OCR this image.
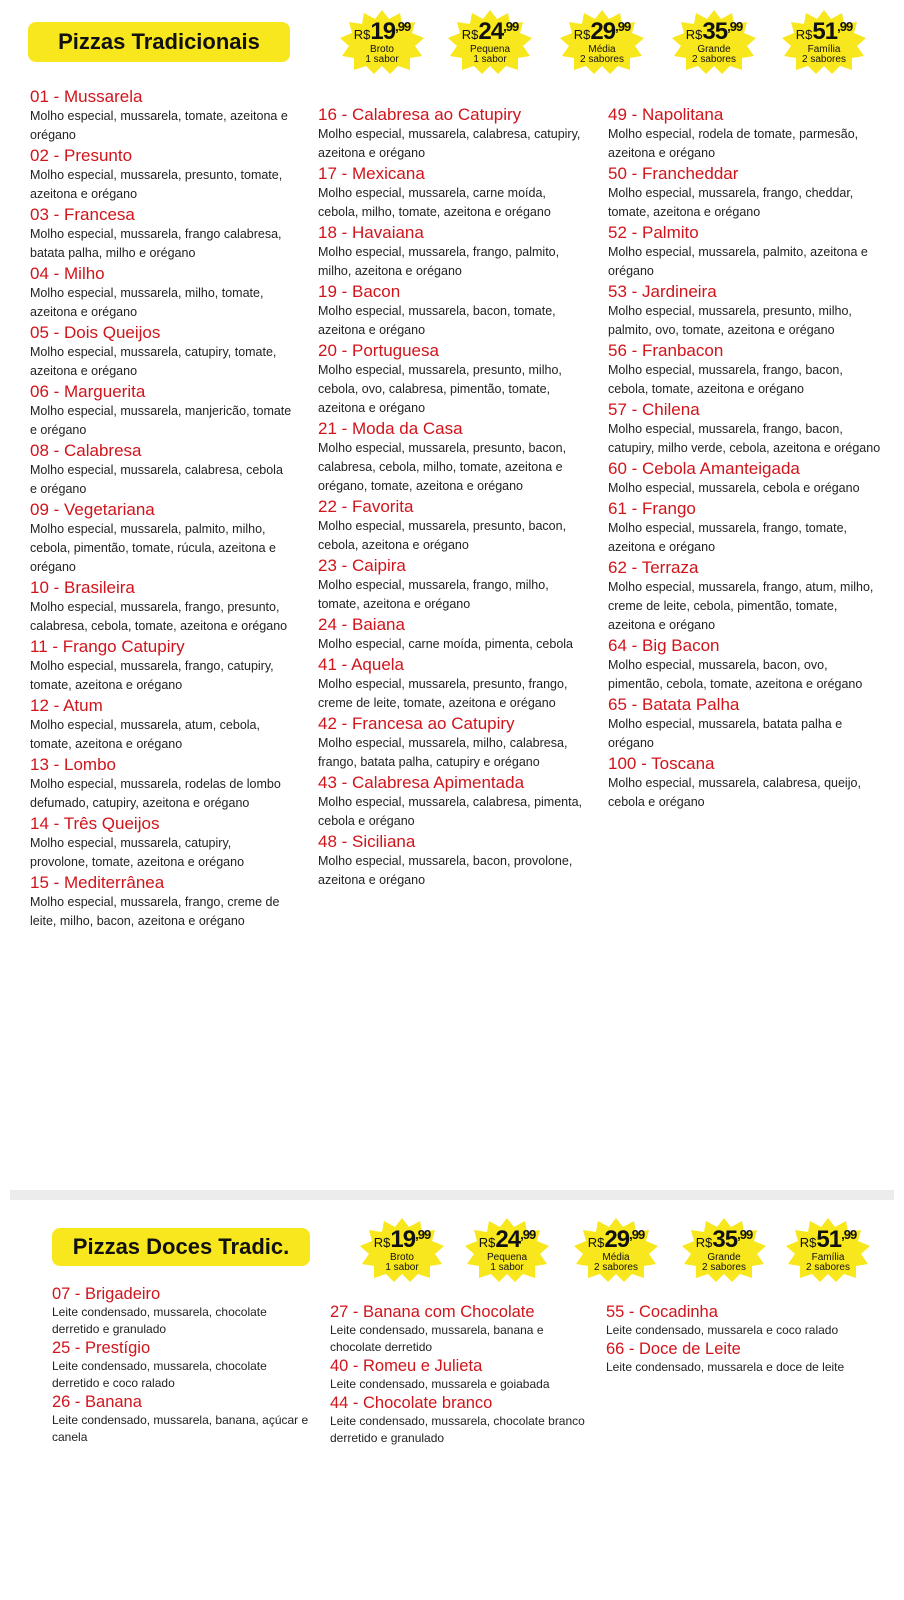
Pizzas Tradicionais	$R\$19^{,99}$
Broto
1 sabor
$R\$24^{,99}$
Pequena
1 sabor
$R\$29^{,99}$
Média
2 sabores
$R\$35^{,99}$
Grande
2 sabores
$R\$51^{,99}$
Família
2 sabores
01 - Mussarela
Molho especial, mussarela, tomate, azeitona e orégano
02 - Presunto
Molho especial, mussarela, presunto, tomate, azeitona e orégano
03 - Francesa
Molho especial, mussarela, frango calabresa, batata palha, milho e orégano
04 - Milho
Molho especial, mussarela, milho, tomate, azeitona e orégano
05 - Dois Queijos
Molho especial, mussarela, catupiry, tomate, azeitona e orégano
06 - Marguerita
Molho especial, mussarela, manjericão, tomate e orégano
08 - Calabresa
Molho especial, mussarela, calabresa, cebola e orégano
09 - Vegetariana
Molho especial, mussarela, palmito, milho, cebola, pimentão, tomate, rúcula, azeitona e orégano
10 - Brasileira
Molho especial, mussarela, frango, presunto, calabresa, cebola, tomate, azeitona e orégano
11 - Frango Catupiry
Molho especial, mussarela, frango, catupiry, tomate, azeitona e orégano
12 - Atum
Molho especial, mussarela, atum, cebola, tomate, azeitona e orégano
13 - Lombo
Molho especial, mussarela, rodelas de lombo defumado, catupiry, azeitona e orégano
14 - Três Queijos
Molho especial, mussarela, catupiry, provolone, tomate, azeitona e orégano
15 - Mediterrânea
Molho especial, mussarela, frango, creme de leite, milho, bacon, azeitona e orégano
16 - Calabresa ao Catupiry
Molho especial, mussarela, calabresa, catupiry, azeitona e orégano
17 - Mexicana
Molho especial, mussarela, carne moída, cebola, milho, tomate, azeitona e orégano
18 - Havaiana
Molho especial, mussarela, frango, palmito, milho, azeitona e orégano
19 - Bacon
Molho especial, mussarela, bacon, tomate, azeitona e orégano
20 - Portuguesa
Molho especial, mussarela, presunto, milho, cebola, ovo, calabresa, pimentão, tomate, azeitona e orégano
21 - Moda da Casa
Molho especial, mussarela, presunto, bacon, calabresa, cebola, milho, tomate, azeitona e orégano, tomate, azeitona e orégano
22 - Favorita
Molho especial, mussarela, presunto, bacon, cebola, azeitona e orégano
23 - Caipira
Molho especial, mussarela, frango, milho, tomate, azeitona e orégano
24 - Baiana
Molho especial, carne moída, pimenta, cebola
41 - Aquela
Molho especial, mussarela, presunto, frango, creme de leite, tomate, azeitona e orégano
42 - Francesa ao Catupiry
Molho especial, mussarela, milho, calabresa, frango, batata palha, catupiry e orégano
43 - Calabresa Apimentada
Molho especial, mussarela, calabresa, pimenta, cebola e orégano
48 - Siciliana
Molho especial, mussarela, bacon, provolone, azeitona e orégano
49 - Napolitana
Molho especial, rodela de tomate, parmesão, azeitona e orégano
50 - Francheddar
Molho especial, mussarela, frango, cheddar, tomate, azeitona e orégano
52 - Palmito
Molho especial, mussarela, palmito, azeitona e orégano
53 - Jardineira
Molho especial, mussarela, presunto, milho, palmito, ovo, tomate, azeitona e orégano
56 - Franbacon
Molho especial, mussarela, frango, bacon, cebola, tomate, azeitona e orégano
57 - Chilena
Molho especial, mussarela, frango, bacon, catupiry, milho verde, cebola, azeitona e orégano
60 - Cebola Amanteigada
Molho especial, mussarela, cebola e orégano
61 - Frango
Molho especial, mussarela, frango, tomate, azeitona e orégano
62 - Terraza
Molho especial, mussarela, frango, atum, milho, creme de leite, cebola, pimentão, tomate, azeitona e orégano
64 - Big Bacon
Molho especial, mussarela, bacon, ovo, pimentão, cebola, tomate, azeitona e orégano
65 - Batata Palha
Molho especial, mussarela, batata palha e orégano
100 - Toscana
Molho especial, mussarela, calabresa, queijo, cebola e orégano
Pizzas Doces Tradic.	$R\$19^{,99}$
Broto
1 sabor
$R\$24^{,99}$
Pequena
1 sabor
$R\$29^{,99}$
Média
2 sabores
$R\$35^{,99}$
Grande
2 sabores
$R\$51^{,99}$
Família
2 sabores
07 - Brigadeiro
Leite condensado, mussarela, chocolate derretido e granulado
25 - Prestígio
Leite condensado, mussarela, chocolate derretido e coco ralado
26 - Banana
Leite condensado, mussarela, banana, açúcar e canela
27 - Banana com Chocolate
Leite condensado, mussarela, banana e chocolate derretido
40 - Romeu e Julieta
Leite condensado, mussarela e goiabada
44 - Chocolate branco
Leite condensado, mussarela, chocolate branco derretido e granulado
55 - Cocadinha
Leite condensado, mussarela e coco ralado
66 - Doce de Leite
Leite condensado, mussarela e doce de leite
